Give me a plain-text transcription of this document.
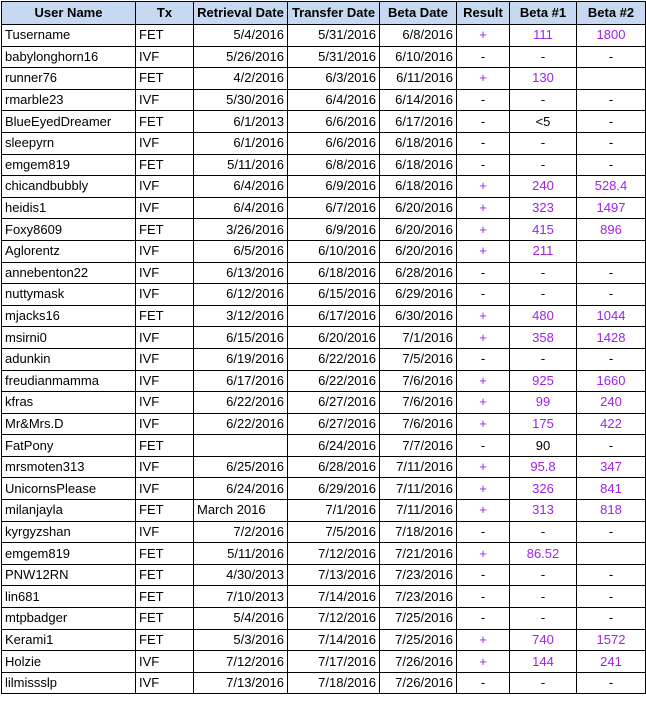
User Name	Tx	Retrieval Date	Transfer Date	Beta Date	Result	Beta #1	Beta #2
Tusername	FET	5/4/2016	5/31/2016	6/8/2016	+	111	1800
babylonghorn16	IVF	5/26/2016	5/31/2016	6/10/2016	-	-	-
runner76	FET	4/2/2016	6/3/2016	6/11/2016	+	130	
rmarble23	IVF	5/30/2016	6/4/2016	6/14/2016	-	-	-
BlueEyedDreamer	FET	6/1/2013	6/6/2016	6/17/2016	-	<5	-
sleepyrn	IVF	6/1/2016	6/6/2016	6/18/2016	-	-	-
emgem819	FET	5/11/2016	6/8/2016	6/18/2016	-	-	-
chicandbubbly	IVF	6/4/2016	6/9/2016	6/18/2016	+	240	528.4
heidis1	IVF	6/4/2016	6/7/2016	6/20/2016	+	323	1497
Foxy8609	FET	3/26/2016	6/9/2016	6/20/2016	+	415	896
Aglorentz	IVF	6/5/2016	6/10/2016	6/20/2016	+	211	
annebenton22	IVF	6/13/2016	6/18/2016	6/28/2016	-	-	-
nuttymask	IVF	6/12/2016	6/15/2016	6/29/2016	-	-	-
mjacks16	FET	3/12/2016	6/17/2016	6/30/2016	+	480	1044
msirni0	IVF	6/15/2016	6/20/2016	7/1/2016	+	358	1428
adunkin	IVF	6/19/2016	6/22/2016	7/5/2016	-	-	-
freudianmamma	IVF	6/17/2016	6/22/2016	7/6/2016	+	925	1660
kfras	IVF	6/22/2016	6/27/2016	7/6/2016	+	99	240
Mr&Mrs.D	IVF	6/22/2016	6/27/2016	7/6/2016	+	175	422
FatPony	FET		6/24/2016	7/7/2016	-	90	-
mrsmoten313	IVF	6/25/2016	6/28/2016	7/11/2016	+	95.8	347
UnicornsPlease	IVF	6/24/2016	6/29/2016	7/11/2016	+	326	841
milanjayla	FET	March 2016	7/1/2016	7/11/2016	+	313	818
kyrgyzshan	IVF	7/2/2016	7/5/2016	7/18/2016	-	-	-
emgem819	FET	5/11/2016	7/12/2016	7/21/2016	+	86.52	
PNW12RN	FET	4/30/2013	7/13/2016	7/23/2016	-	-	-
lin681	FET	7/10/2013	7/14/2016	7/23/2016	-	-	-
mtpbadger	FET	5/4/2016	7/12/2016	7/25/2016	-	-	-
Kerami1	FET	5/3/2016	7/14/2016	7/25/2016	+	740	1572
Holzie	IVF	7/12/2016	7/17/2016	7/26/2016	+	144	241
lilmissslp	IVF	7/13/2016	7/18/2016	7/26/2016	-	-	-
